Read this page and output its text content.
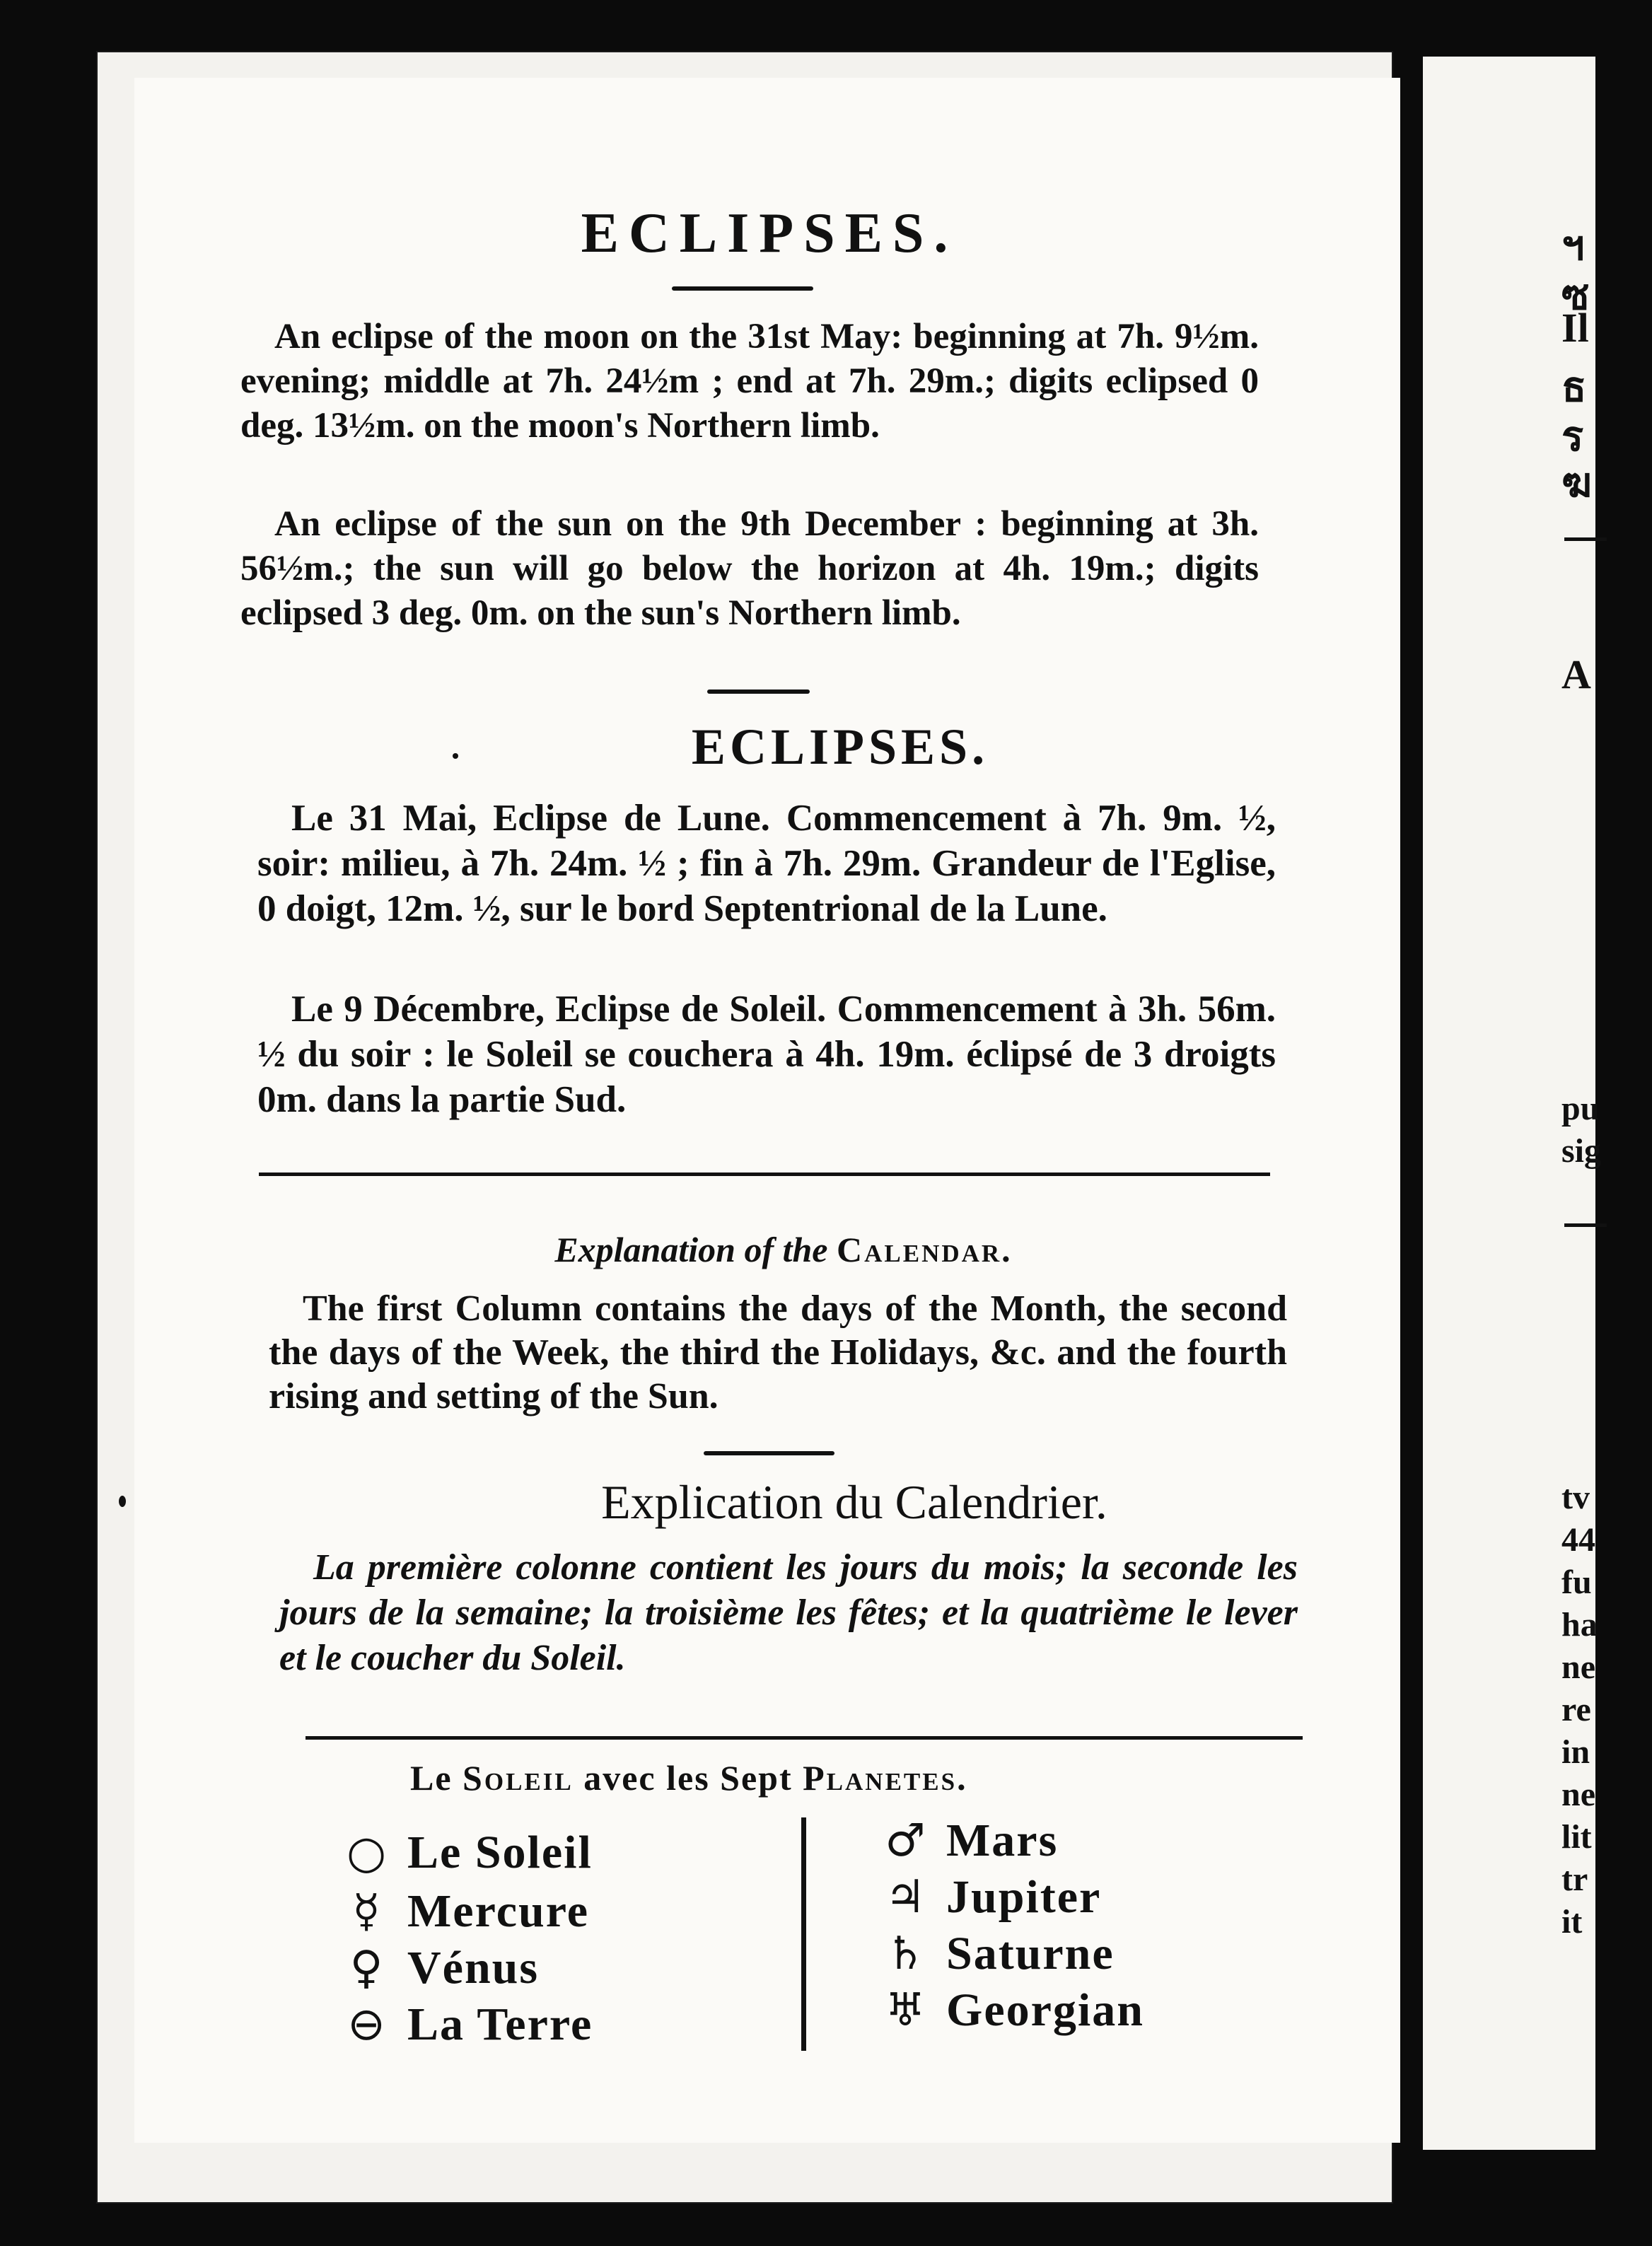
ฯ
ซ
Il
ธ
ร
ฆ
A
pu
sig
tv
44
fu
ha
ne
re
in
ne
lit
tr
it
ECLIPSES.

An eclipse of the moon on the 31st May: beginning at 7h. 9½m. evening; middle at 7h. 24½m ; end at 7h. 29m.; digits eclipsed 0 deg. 13½m. on the moon's Northern limb.

An eclipse of the sun on the 9th December : beginning at 3h. 56½m.; the sun will go below the horizon at 4h. 19m.; digits eclipsed 3 deg. 0m. on the sun's Northern limb.

ECLIPSES.

Le 31 Mai, Eclipse de Lune. Commencement à 7h. 9m. ½, soir: milieu, à 7h. 24m. ½ ; fin à 7h. 29m. Grandeur de l'Eglise, 0 doigt, 12m. ½, sur le bord Septentrional de la Lune.

Le 9 Décembre, Eclipse de Soleil. Commencement à 3h. 56m. ½ du soir : le Soleil se couchera à 4h. 19m. éclipsé de 3 droigts 0m. dans la partie Sud.

Explanation of the Calendar.

The first Column contains the days of the Month, the second the days of the Week, the third the Holidays, &c. and the fourth rising and setting of the Sun.

Explication du Calendrier.

La première colonne contient les jours du mois; la seconde les jours de la semaine; la troisième les fêtes; et la quatrième le lever et le coucher du Soleil.

Le Soleil avec les Sept Planetes.
○ Le Soleil
☿ Mercure
♀ Vénus
⊖ La Terre
♂ Mars
♃ Jupiter
♄ Saturne
♅ Georgian
